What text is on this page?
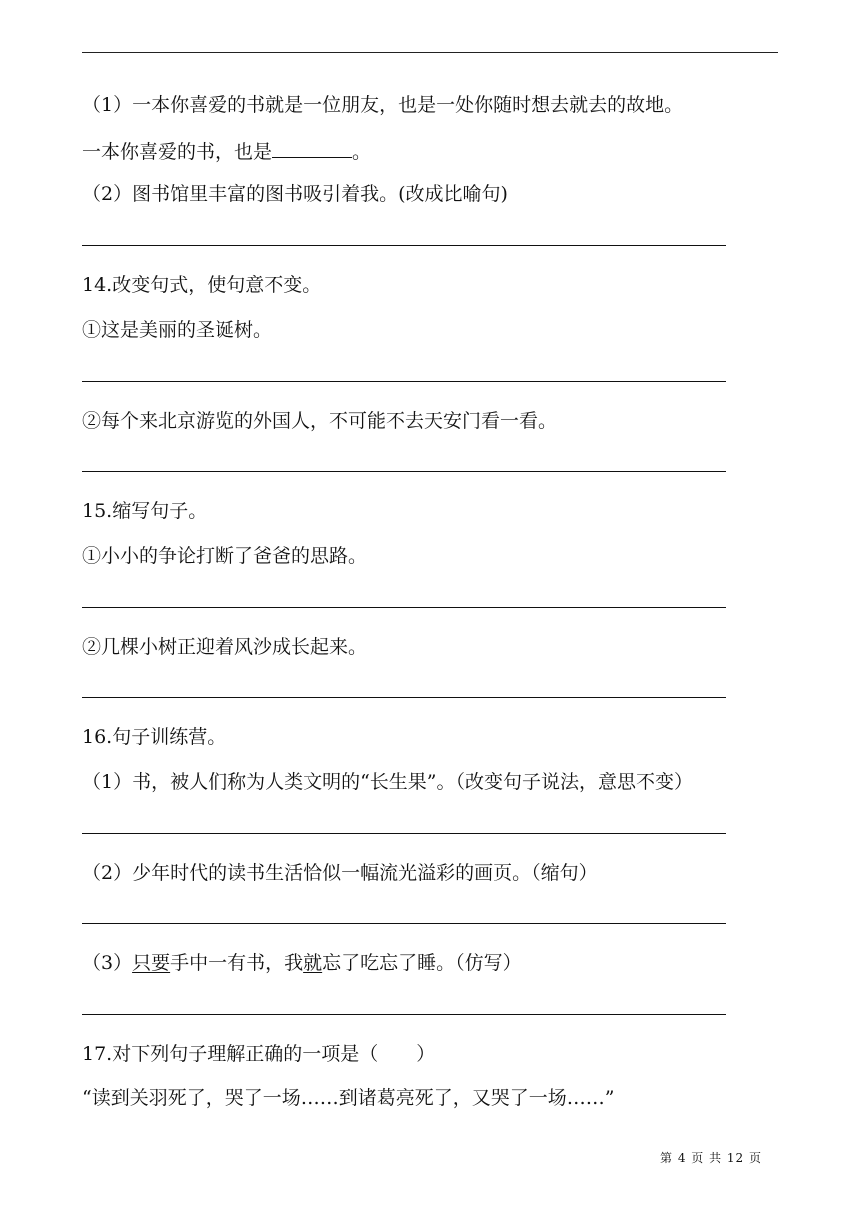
（1）一本你喜爱的书就是一位朋友，也是一处你随时想去就去的故地。
一本你喜爱的书，也是	。
（2）图书馆里丰富的图书吸引着我。(改成比喻句)
14.改变句式，使句意不变。
①这是美丽的圣诞树。
②每个来北京游览的外国人，不可能不去天安门看一看。
15.缩写句子。
①小小的争论打断了爸爸的思路。
②几棵小树正迎着风沙成长起来。
16.句子训练营。
（1）书，被人们称为人类文明的“长生果”。（改变句子说法，意思不变）
（2）少年时代的读书生活恰似一幅流光溢彩的画页。（缩句）
（3）只要手中一有书，我就忘了吃忘了睡。（仿写）
17.对下列句子理解正确的一项是（　　）
“读到关羽死了，哭了一场……到诸葛亮死了，又哭了一场……”
第 4 页 共 12 页
